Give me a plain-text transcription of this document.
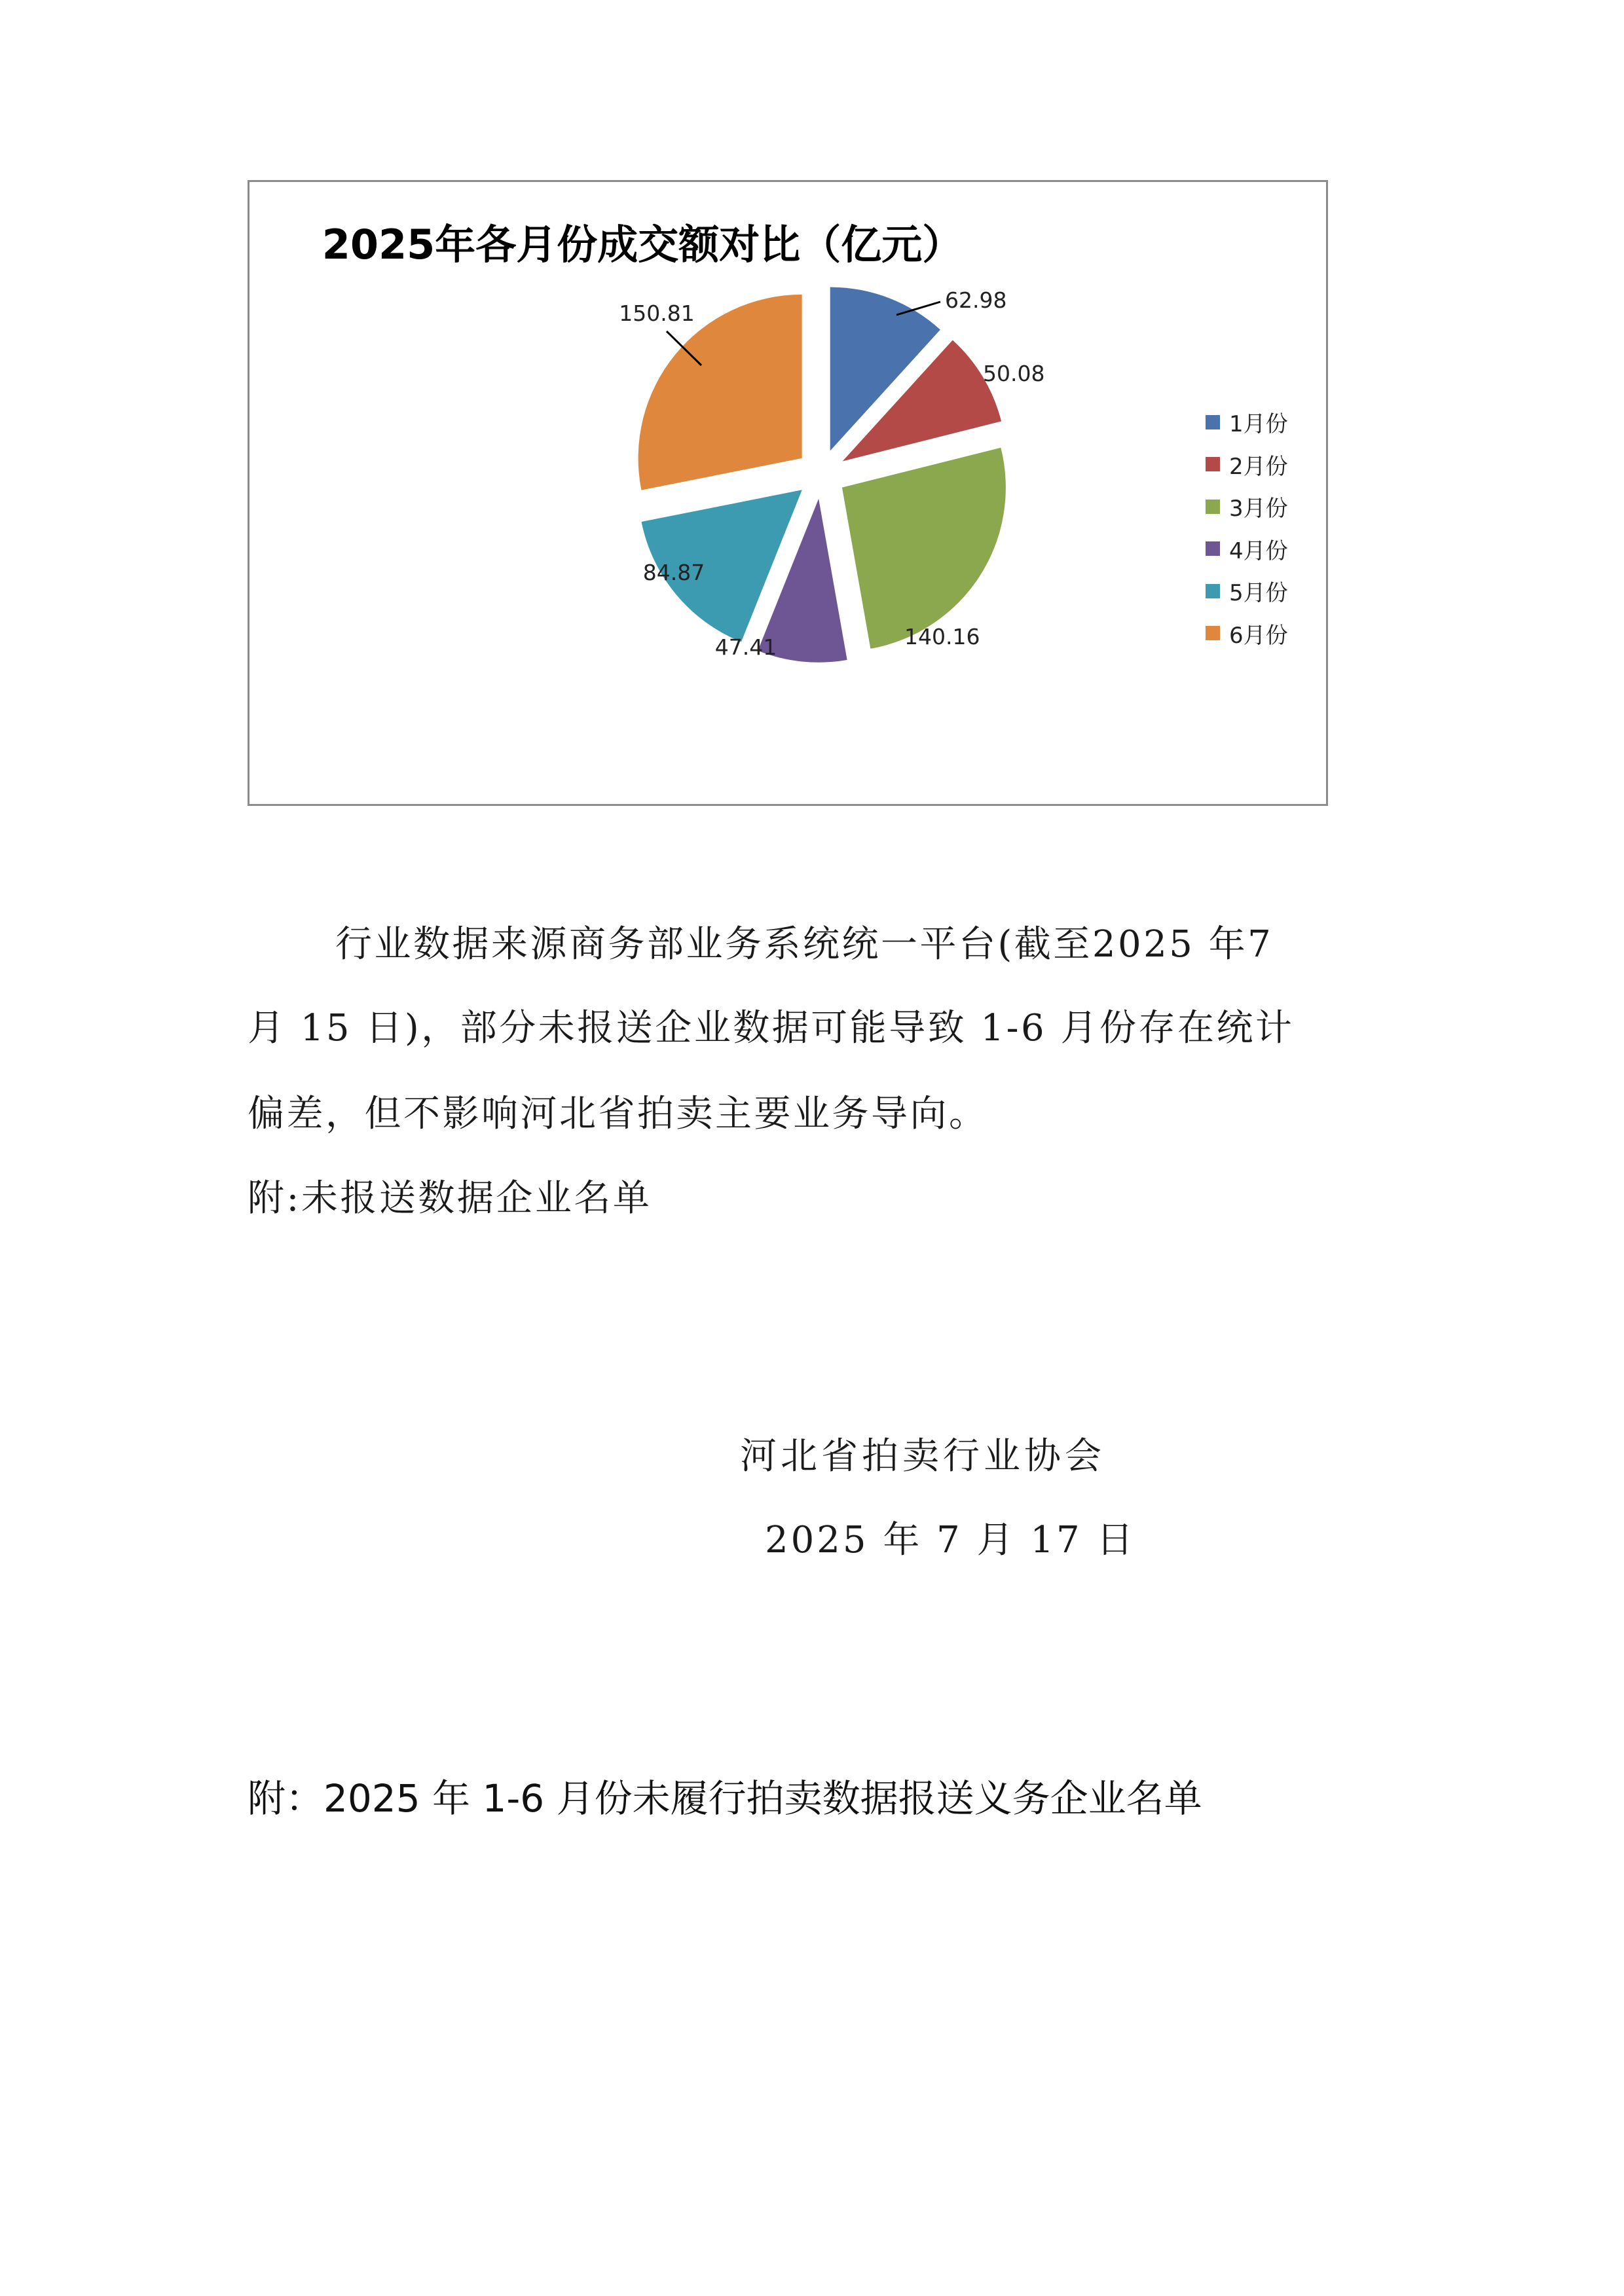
2025年各月份成交额对比（亿元）
62.98
50.08
140.16
47.41
84.87
150.81
1月份
2月份
3月份
4月份
5月份
6月份
行业数据来源商务部业务系统统一平台(截至2025 年7
月 15 日)，部分未报送企业数据可能导致 1-6 月份存在统计
偏差，但不影响河北省拍卖主要业务导向。
附:未报送数据企业名单
河北省拍卖行业协会
2025 年 7 月 17 日
附：2025 年 1-6 月份未履行拍卖数据报送义务企业名单
